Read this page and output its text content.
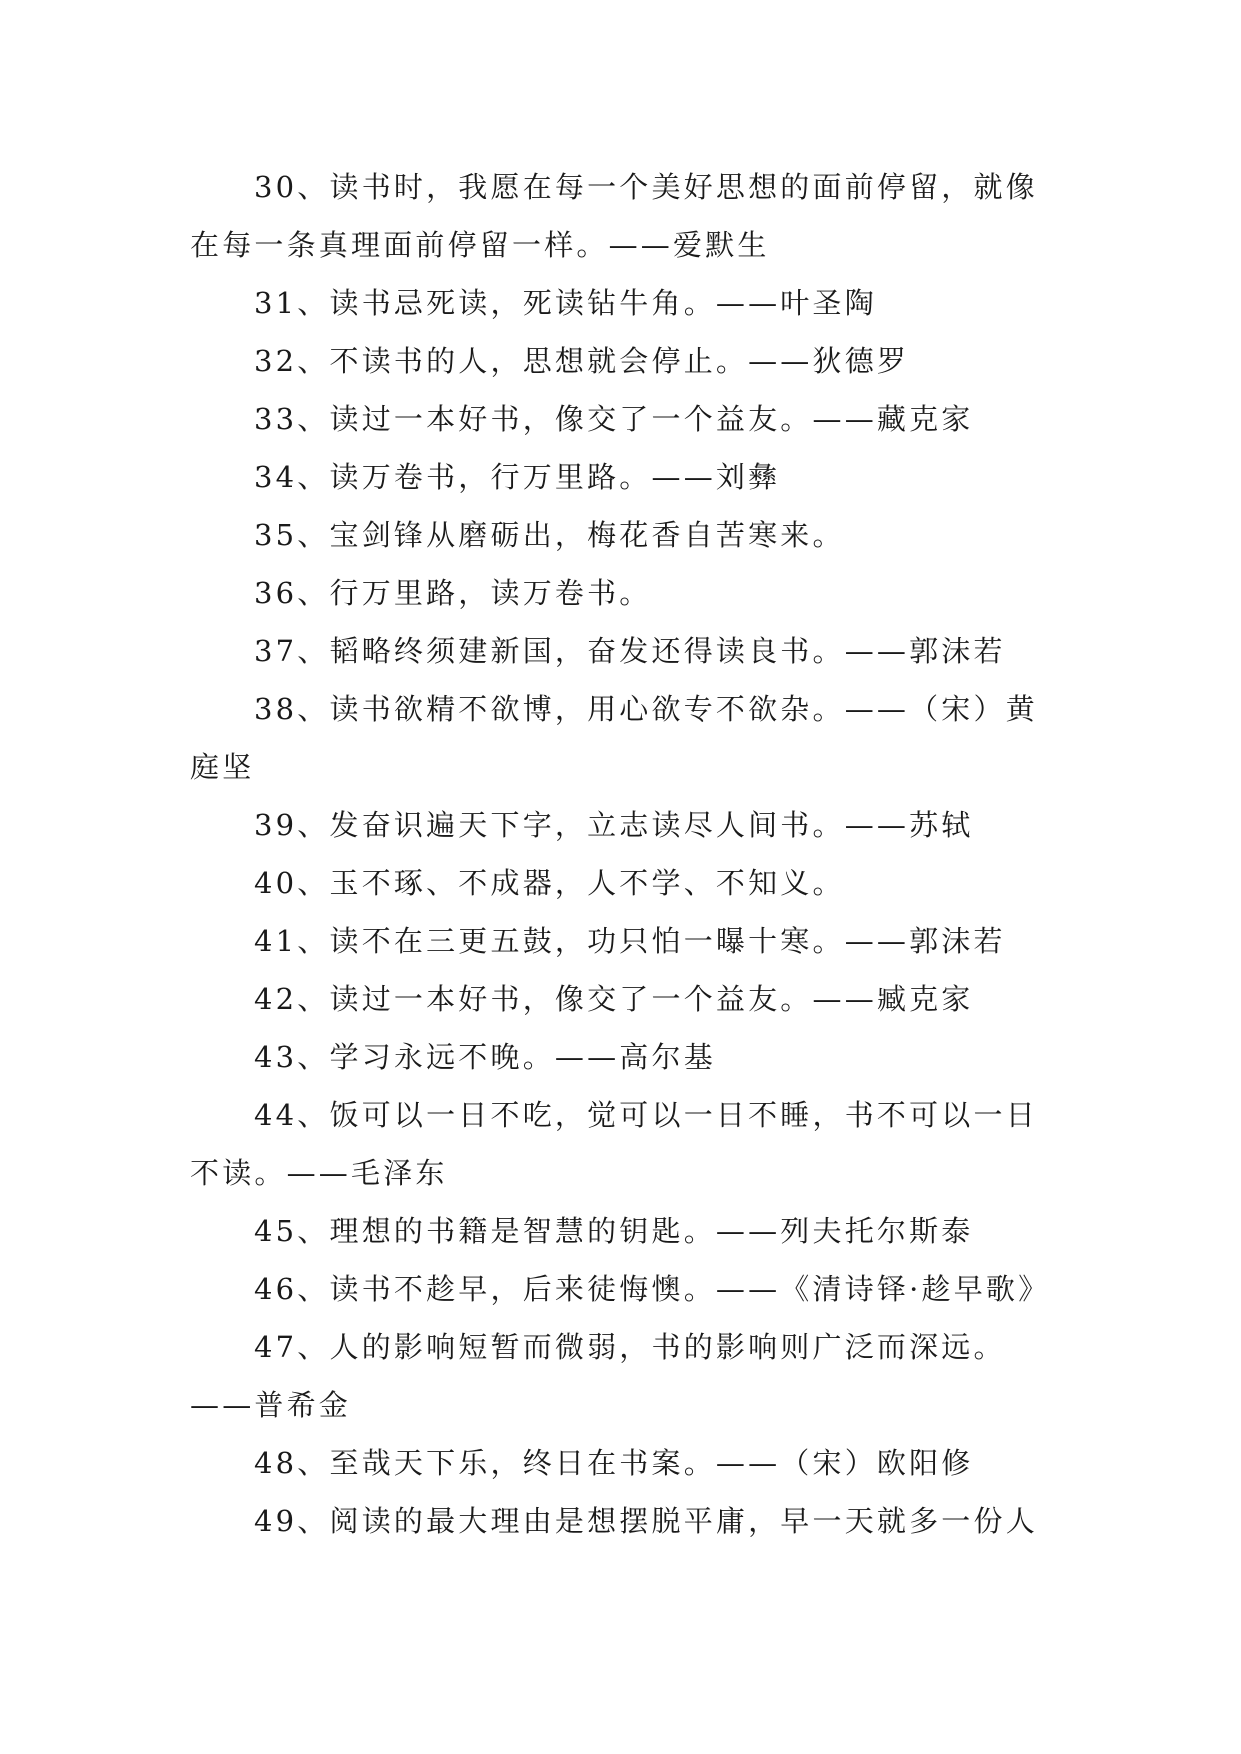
30、读书时，我愿在每一个美好思想的面前停留，就像在每一条真理面前停留一样。——爱默生

31、读书忌死读，死读钻牛角。——叶圣陶

32、不读书的人，思想就会停止。——狄德罗

33、读过一本好书，像交了一个益友。——藏克家

34、读万卷书，行万里路。——刘彝

35、宝剑锋从磨砺出，梅花香自苦寒来。

36、行万里路，读万卷书。

37、韬略终须建新国，奋发还得读良书。——郭沫若

38、读书欲精不欲博，用心欲专不欲杂。——（宋）黄庭坚

39、发奋识遍天下字，立志读尽人间书。——苏轼

40、玉不琢、不成器，人不学、不知义。

41、读不在三更五鼓，功只怕一曝十寒。——郭沫若

42、读过一本好书，像交了一个益友。——臧克家

43、学习永远不晚。——高尔基

44、饭可以一日不吃，觉可以一日不睡，书不可以一日不读。——毛泽东

45、理想的书籍是智慧的钥匙。——列夫托尔斯泰

46、读书不趁早，后来徒悔懊。——《清诗铎·趁早歌》

47、人的影响短暂而微弱，书的影响则广泛而深远。——普希金

48、至哉天下乐，终日在书案。——（宋）欧阳修

49、阅读的最大理由是想摆脱平庸，早一天就多一份人
